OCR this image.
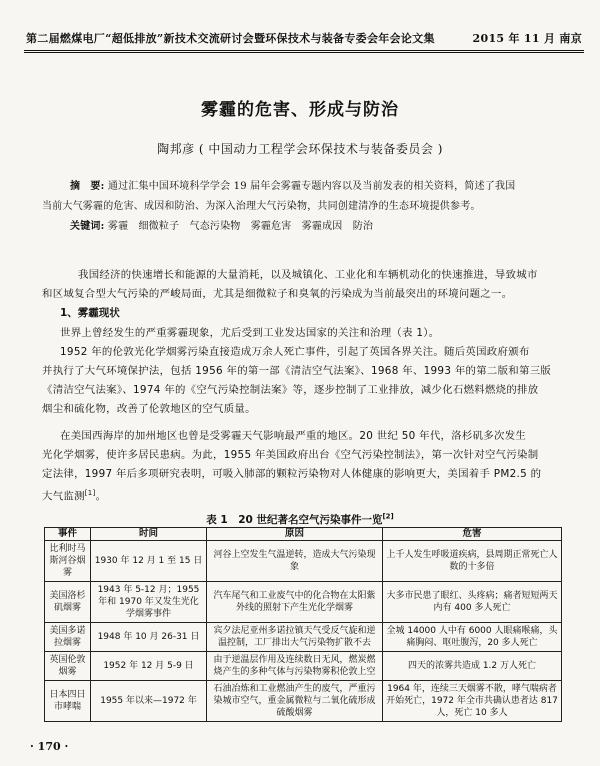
第二届燃煤电厂“超低排放”新技术交流研讨会暨环保技术与装备专委会年会论文集	2015 年 11 月 南京
雾霾的危害、形成与防治
陶邦彦 ( 中国动力工程学会环保技术与装备委员会 )
摘　要: 通过汇集中国环境科学学会 19 届年会雾霾专题内容以及当前发表的相关资料，简述了我国
当前大气雾霾的危害、成因和防治、为深入治理大气污染物，共同创建清净的生态环境提供参考。
关键词: 雾霾　细微粒子　气态污染物　雾霾危害　雾霾成因　防治
我国经济的快速增长和能源的大量消耗，以及城镇化、工业化和车辆机动化的快速推进，导致城市
和区域复合型大气污染的严峻局面，尤其是细微粒子和臭氧的污染成为当前最突出的环境问题之一。
1、雾霾现状
世界上曾经发生的严重雾霾现象，尤后受到工业发达国家的关注和治理（表 1）。
1952 年的伦敦光化学烟雾污染直接造成万余人死亡事件，引起了英国各界关注。随后英国政府颁布
并执行了大气环境保护法，包括 1956 年的第一部《清洁空气法案》、1968 年、1993 年的第二版和第三版
《清洁空气法案》、1974 年的《空气污染控制法案》等，逐步控制了工业排放，减少化石燃料燃烧的排放
烟尘和硫化物，改善了伦敦地区的空气质量。
在美国西海岸的加州地区也曾是受雾霾天气影响最严重的地区。20 世纪 50 年代，洛杉矶多次发生
光化学烟雾，使许多居民患病。为此，1955 年美国政府出台《空气污染控制法》，第一次针对空气污染制
定法律，1997 年后多项研究表明，可吸入肺部的颗粒污染物对人体健康的影响更大，美国着手 PM2.5 的
大气监测[1]。
表 1　20 世纪著名空气污染事件一览[2]
事件	时间	原因	危害
比利时马斯河谷烟雾	1930 年 12 月 1 至 15 日	河谷上空发生气温逆转，造成大气污染现象	上千人发生呼吸道疾病，县周期正常死亡人数的十多倍
美国洛杉矶烟雾	1943 年 5-12 月；1955 年和 1970 年又发生光化学烟雾事件	汽车尾气和工业废气中的化合物在太阳紫外线的照射下产生光化学烟雾	大多市民患了眼红、头疼病；痛者短短两天内有 400 多人死亡
美国多诺拉烟雾	1948 年 10 月 26-31 日	宾夕法尼亚州多诺拉镇天气受反气旋和逆温控制，工厂排出大气污染物扩散不去	全城 14000 人中有 6000 人眼痛喉痛，头痛胸闷、呕吐腹泻，20 多人死亡
英国伦敦烟雾	1952 年 12 月 5-9 日	由于逆温层作用及连续数日无风，燃炭燃烧产生的多种气体与污染物雾积伦敦上空	四天的浓雾共造成 1.2 万人死亡
日本四日市哮喘	1955 年以来—1972 年	石油冶炼和工业燃油产生的废气，严重污染城市空气，重金属微粒与二氧化硫形成硫酸烟雾	1964 年，连续三天烟雾不散，哮气喘病者开始死亡，1972 年全市共确认患者达 817 人，死亡 10 多人
· 170 ·
